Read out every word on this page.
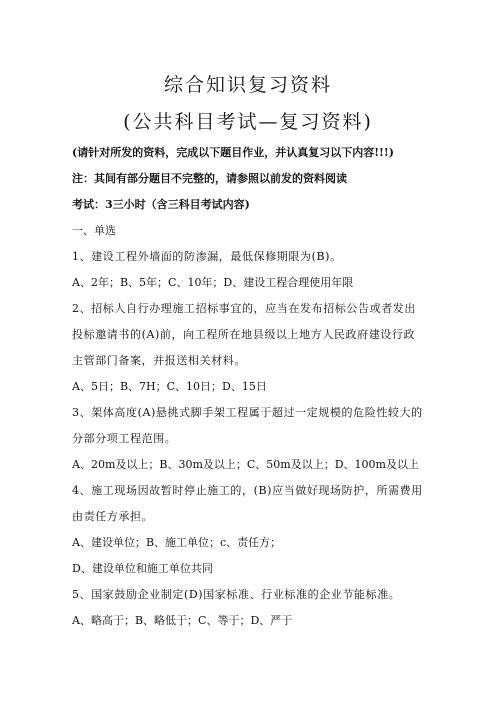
综合知识复习资料
(公共科目考试—复习资料)
(请针对所发的资料，完成以下题目作业，并认真复习以下内容!!!)
注：其间有部分题目不完整的，请参照以前发的资料阅读
考试：3三小时（含三科目考试内容)
一、单选
1、建设工程外墙面的防渗漏，最低保修期限为(B)。
A、2年；B、5年；C、10年；D、建设工程合理使用年限
2、招标人自行办理施工招标事宜的，应当在发布招标公告或者发出
投标邀请书的(A)前，向工程所在地县级以上地方人民政府建设行政
主管部门备案，并报送相关材料。
A、5日；B、7H；C、10日；D、15日
3、架体高度(A)悬挑式脚手架工程属于超过一定规模的危险性较大的
分部分项工程范围。
A、20m及以上；B、30m及以上；C、50m及以上；D、100m及以上
4、施工现场因故暂时停止施工的，(B)应当做好现场防护，所需费用
由责任方承担。
A、建设单位；B、施工单位；c、责任方；
D、建设单位和施工单位共同
5、国家鼓励企业制定(D)国家标准、行业标准的企业节能标准。
A、略高于；B、略低于；C、等于；D、严于
